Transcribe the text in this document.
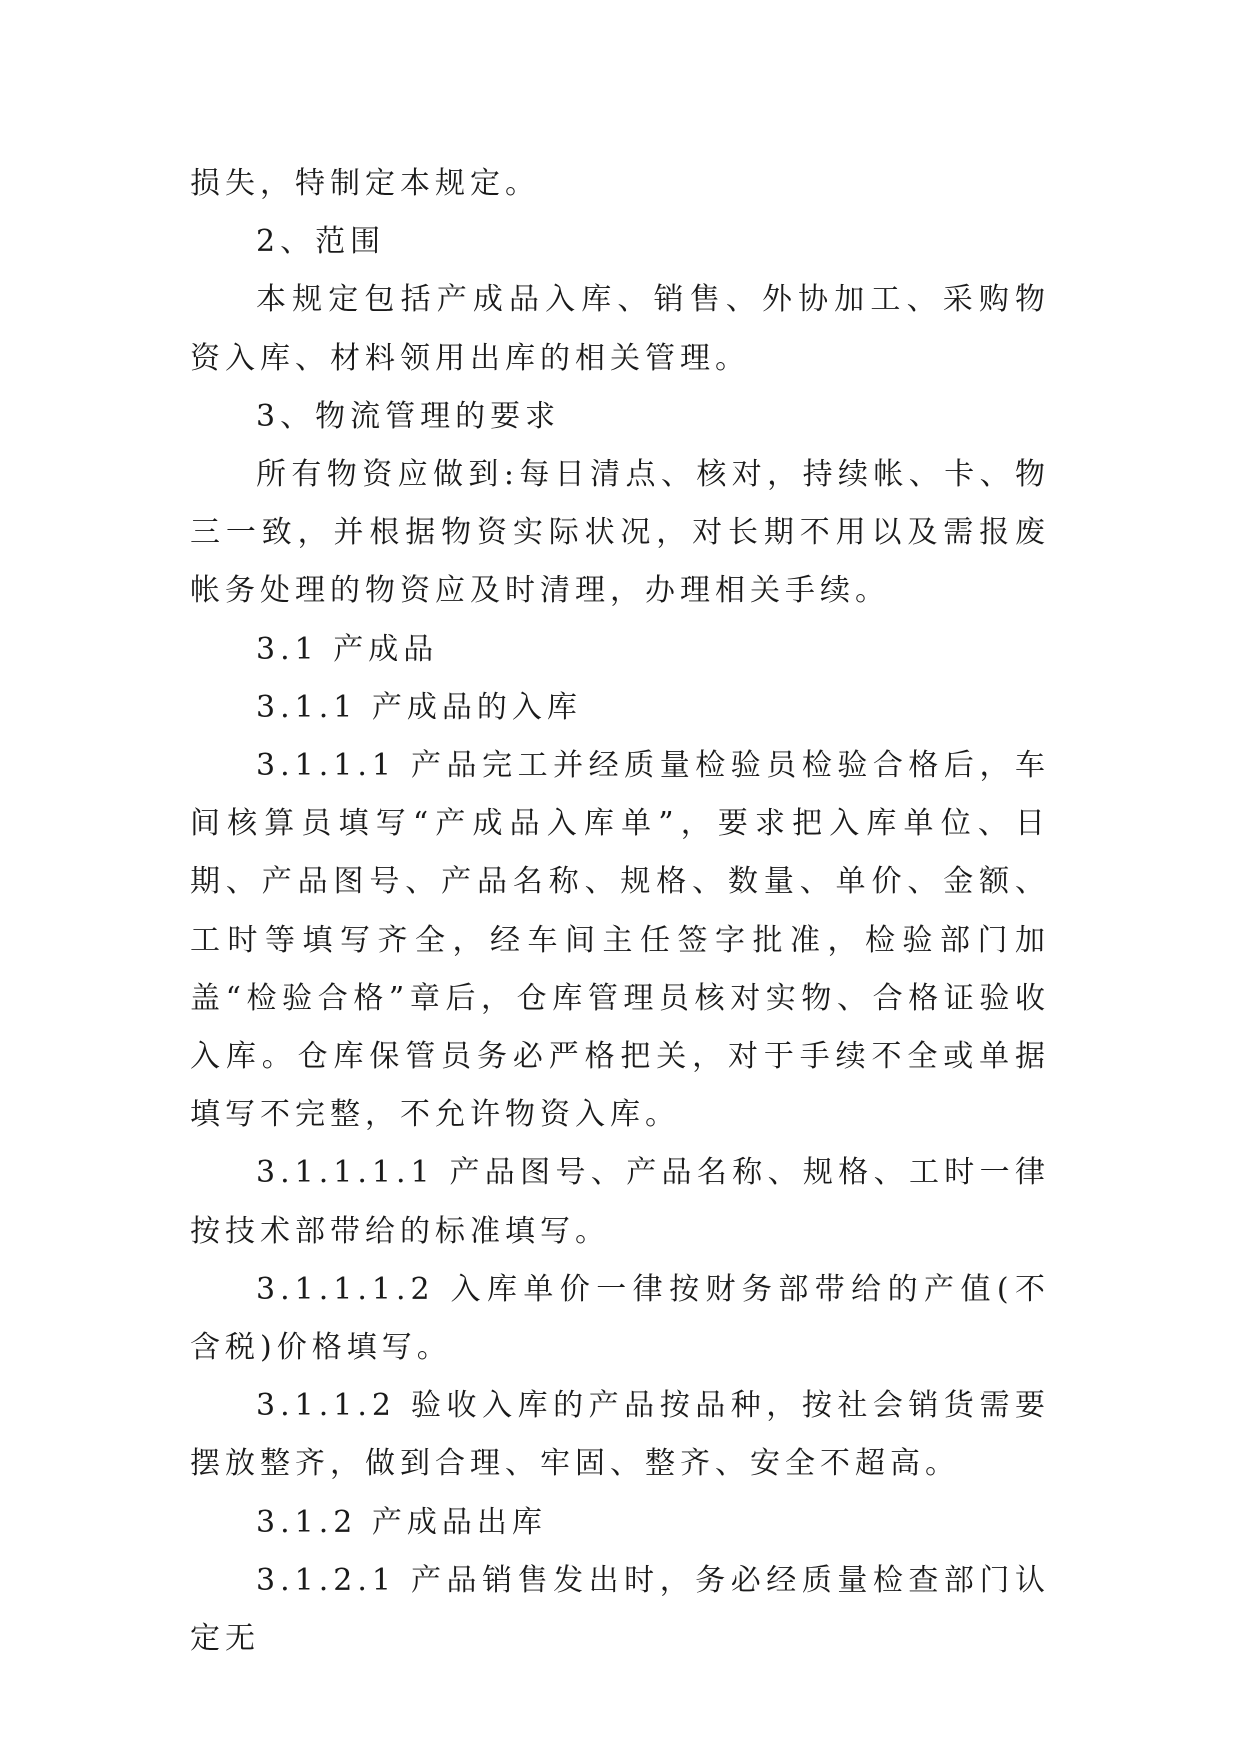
损失，特制定本规定。

2、范围

本规定包括产成品入库、销售、外协加工、采购物资入库、材料领用出库的相关管理。

3、物流管理的要求

所有物资应做到:每日清点、核对，持续帐、卡、物三一致，并根据物资实际状况，对长期不用以及需报废帐务处理的物资应及时清理，办理相关手续。

3.1 产成品

3.1.1 产成品的入库

3.1.1.1 产品完工并经质量检验员检验合格后，车间核算员填写“产成品入库单”，要求把入库单位、日期、产品图号、产品名称、规格、数量、单价、金额、工时等填写齐全，经车间主任签字批准，检验部门加盖“检验合格”章后，仓库管理员核对实物、合格证验收入库。仓库保管员务必严格把关，对于手续不全或单据填写不完整，不允许物资入库。

3.1.1.1.1 产品图号、产品名称、规格、工时一律按技术部带给的标准填写。

3.1.1.1.2 入库单价一律按财务部带给的产值(不含税)价格填写。

3.1.1.2 验收入库的产品按品种，按社会销货需要摆放整齐，做到合理、牢固、整齐、安全不超高。

3.1.2 产成品出库

3.1.2.1 产品销售发出时，务必经质量检查部门认定无
